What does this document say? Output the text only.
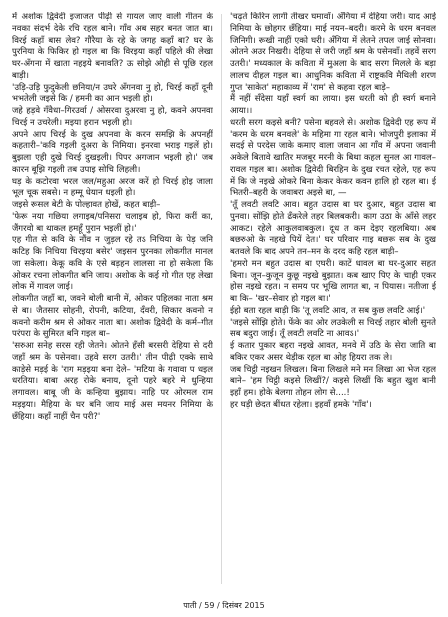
में अशोक द्विवेदी इजाजत पीढ़ी से गायल जाए वाली गीतन के नवका संदर्भ देके रचि रहल बाने। गाँव अब सहर बनत जात बा। विरई कहाँ बास लेव? गौरैया के रहे के जगह कहाँ बा? घर के पुरनिया के फिकिर हो गइल बा कि विरइया कहाँ पहिले की लेखा घर-अँगना में खाता नहइये बनावति? ऊ सोझे ओही से पूछि रहल बाड़ी।

'उड़ि-उड़ि फुदुकेली छनिया/न उघरे अँगनवा नु हो, चिरई कहाँ दूनी भभतेली जइसे कि / हमनी का आन भइली हो।

जहे हड़वे गँवैधा–गिरउर्वा / ओसरवा दुअरवा नु हो, कवने अपनवा चिरई न उचरेली। मइया हरान भइली हो।

अपने आप चिरई के दुख अपनवा के करन समझि के अपनहीं कहतारी–'कवि गइली दुअरा के निमिया। इनरवा भराइ गइलें हो। बुझला एही दुखे चिरई दुखइली। पिपर अगजान भइली हो।' जब कारन बूझि गइली तब उपाइ सोचि लिहली।

घड़ के कटोरवा भरल जल/महुआ अरज करें हो चिरई होइ जाला भूल चूक सबसे। न हम्मू धेयान धइली हो।

जइसे रूसल बेटी के पोल्हावत होखें, कहत बाड़ी–

'फेरू नया गछिया लगाइब/पनिसरा चलाइब हो, फिरा करीं का, जैंगरवो बा थाकल हमहूँ पुरान भइलीं हो।'

एह गीत से कवि के नौंव न जुड़ल रहे तऽ निचिया के पेड़ जनि कटिह कि निचिया चिरइया बसेर' जइसन पुरनका लोकगीत मानल जा सकेला। केकू कवि के एसे बड़हन लालसा ना हो सकेला कि ओकर रचना लोकगीत बनि जाय। अशोक के कई गो गीत एह लेखा लोक में गावल जाई।

लोकगीत जहाँ बा, जवने बोली बानी में, ओकर पहिलका नाता श्रम से बा। जैतसार सोहनी, रोपनी, कटिया, दँवरी, सिकार कवनो न कवनो करीम श्रम से ओकर नाता बा। अशोक द्विवेदी के कर्म–गीत परंपरा के सुमिरत बनि गइल बा–

'सरुआ सनेह सरस रही जेतने। ओतने हँसी बरसरी देहिया से दरी जहाँ श्रम के पसेनवा। उहवे सरग उतरी।' तीन पीढ़ी एक्के साथे काड़ेसे मड़ई के 'राग मड़इया बना देले– 'मटिया के गवावा प धइल धरतिया। बाबा अरह रोके बनाय, दूनो पहरे बहरे मे धुन्हिया लगावल। बाबू जी के कन्हिया बुझाय। नाहि पर ओरमल राम मड़इया। मैहिया के घर बनि जाय माई अस मयनर निमिया के छँहिया। कहाँ नाहीं चैन परी?'

'चढ़ते किरिन लागी तीखर घमावाँ। अँगिया में देहिया जरी। याद आई निमिया के छोहगर छँहिया। माई नयन–बदरी। करमे के धरम बनवल जिनिगी। रूखी नाहीं एको घरी। अँगिया में लेतने तपल जाई सोनवा। ओतने अउर निखरी। देहिया से जरी जहाँ श्रम के पसेनवाँ। तहवें सरग उतरी।' मध्यकाल के कविता में मुअला के बाद सरग मिलले के बड़ा लालच दीहल गइल बा। आधुनिक कविता में राष्ट्रकवि मैथिली शरण गुप्त 'साकेत' महाकाव्य में 'राम' से कहवा रहल बाड़े–

मैं नहीं सँदेसा यहाँ स्वर्ग का लाया। इस धरती को ही स्वर्ग बनाने आया।।

धरती सरग कइसे बनी? पसेना बहवले से। अशोक द्विवेदी एह रूप में 'करम के धरम बनवले' के महिमा गा रहल बाने। भोजपुरी इलाका में सदई से परदेस जाके कमाए वाला जवान आ गाँव में अपना जवानी अकेले बितावे खातिर मजबूर मरनी के बिथा कहल सुनल आ गावल–रावल गइल बा। अशोक द्विवेदी बिरहिन के दुख रचत रहेले, एह रूप में कि जे नइखे ओकरे बिना केकर केकर कवन हालि हो रहल बा। ई भितरी–बहरी के जवाबरा अइसे बा, —

'तूँ लवटी लवटि आव। बहुत उदास बा घर दुआर, बहुत उदास बा पुनवा। सोंझि होते ढँकरेले तहर बिलबकरी। काग उठा के आँसे लहर आकट। रहेले आकुलवाबकुल। दूध त कम देइए रहलबिया। अब बछरुओ के नहखे पियें देत।' घर परिवार गाइ बछरू सब के दुख बतवले कि बाद अपने तन–मन के दरद कहि रहल बाड़ी–

'हमरो मन बहुत उदास बा एघरी। काटें धावल बा घर-दुआर सहत बिना। जून–कुजून कुछू नइखे बुझात। कब खाए पिए के चाही एकर होस नइखे रहत। न समय पर भूखि लागत बा, न पियास। नतीजा ई बा कि– 'खर–सेवार हो गइल बा।'

ईहो बता रहल बाड़ी कि 'तू लवटि आव, त सब कुछ लवटि आई।'

'जइसे सोंझि होते। फेंके का ओर लउकेली स चिरई तहार बोली सुनते सब बदुरा जाई। तूँ लवटी लवटि ना आवऽ।'

ई कतार पुकार बहरा नइखे आवत, मनवे में उठि के सेरा जाति बा बकिर एकर असर थेड़ीक रहल बा ओह हियरा तक ले।

जब चिट्ठी नइखन लिखल। बिना लिखले मने मन लिखा आ भेज रहल बाने– 'हम चिट्ठी कइसे लिखीं?/ कइसे लिखीं कि बहुत खुश बानी इहाँ हम। होके बेलगा तोहन लोग से....!

हर घड़ी छेदत बींधत रहेला। इहवाँ हमके 'गाँव'।

पाती / 59 / दिसंबर 2015
